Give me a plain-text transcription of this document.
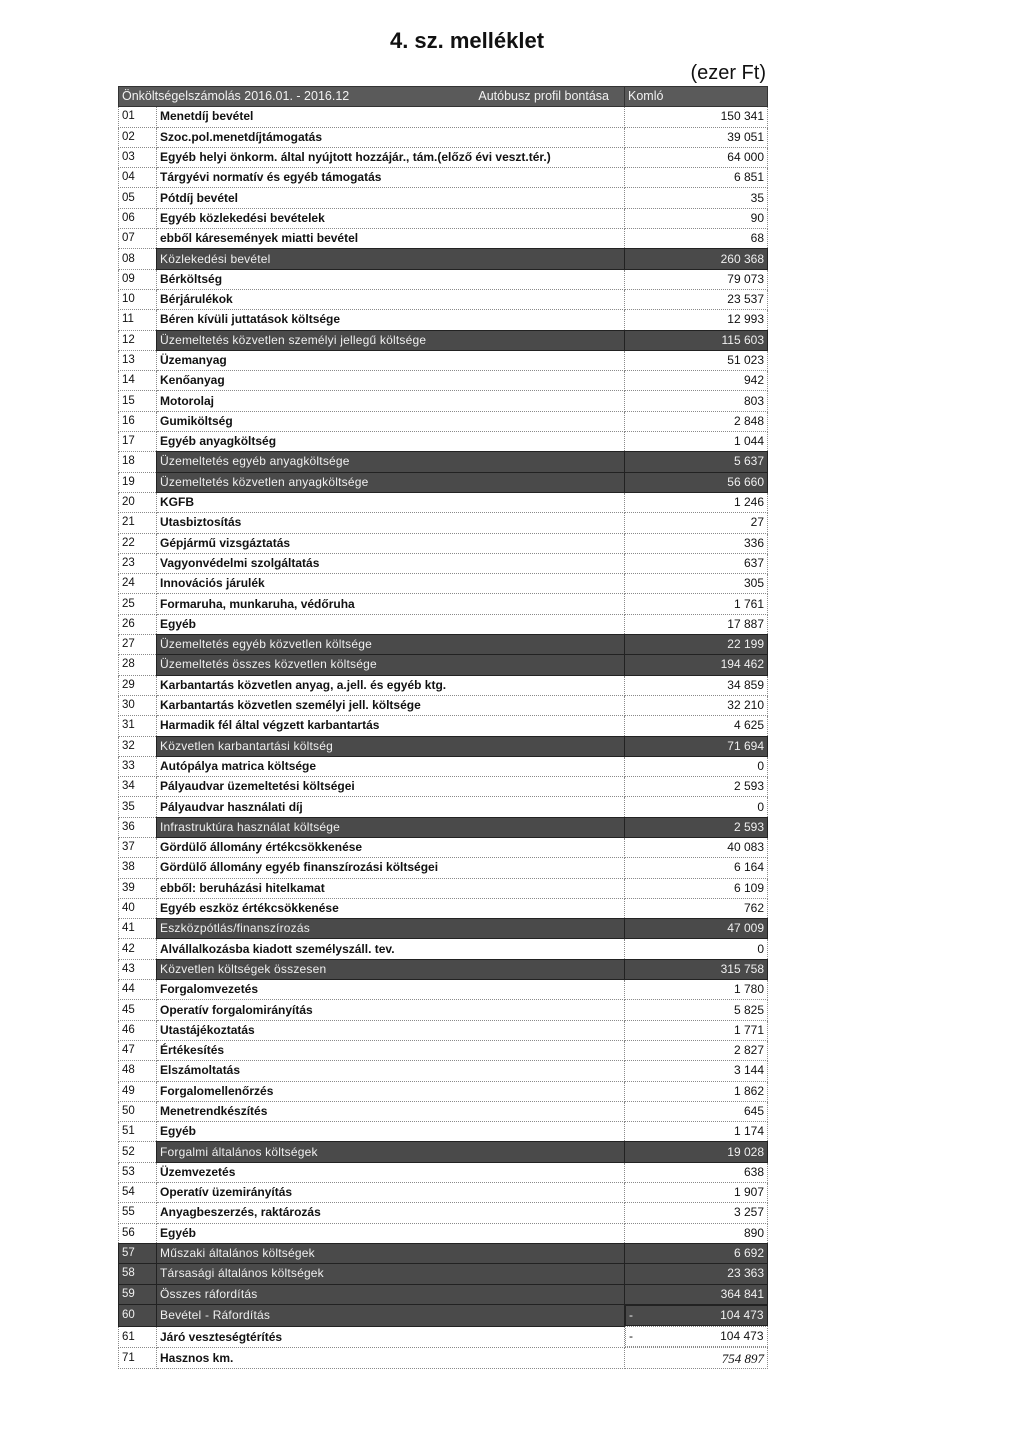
4. sz. melléklet
(ezer Ft)
Önköltségelszámolás 2016.01. - 2016.12 Autóbusz profil bontása		Komló
01	Menetdíj bevétel	150 341
02	Szoc.pol.menetdíjtámogatás	39 051
03	Egyéb helyi önkorm. által nyújtott hozzájár., tám.(előző évi veszt.tér.)	64 000
04	Tárgyévi normatív és egyéb támogatás	6 851
05	Pótdíj bevétel	35
06	Egyéb közlekedési bevételek	90
07	ebből káresemények miatti bevétel	68
08	Közlekedési bevétel	260 368
09	Bérköltség	79 073
10	Bérjárulékok	23 537
11	Béren kívüli juttatások költsége	12 993
12	Üzemeltetés közvetlen személyi jellegű költsége	115 603
13	Üzemanyag	51 023
14	Kenőanyag	942
15	Motorolaj	803
16	Gumiköltség	2 848
17	Egyéb anyagköltség	1 044
18	Üzemeltetés egyéb anyagköltsége	5 637
19	Üzemeltetés közvetlen anyagköltsége	56 660
20	KGFB	1 246
21	Utasbiztosítás	27
22	Gépjármű vizsgáztatás	336
23	Vagyonvédelmi szolgáltatás	637
24	Innovációs járulék	305
25	Formaruha, munkaruha, védőruha	1 761
26	Egyéb	17 887
27	Üzemeltetés egyéb közvetlen költsége	22 199
28	Üzemeltetés összes közvetlen költsége	194 462
29	Karbantartás közvetlen anyag, a.jell. és egyéb ktg.	34 859
30	Karbantartás közvetlen személyi jell. költsége	32 210
31	Harmadik fél által végzett karbantartás	4 625
32	Közvetlen karbantartási költség	71 694
33	Autópálya matrica költsége	0
34	Pályaudvar üzemeltetési költségei	2 593
35	Pályaudvar használati díj	0
36	Infrastruktúra használat költsége	2 593
37	Gördülő állomány értékcsökkenése	40 083
38	Gördülő állomány egyéb finanszírozási költségei	6 164
39	ebből: beruházási hitelkamat	6 109
40	Egyéb eszköz értékcsökkenése	762
41	Eszközpótlás/finanszírozás	47 009
42	Alvállalkozásba kiadott személyszáll. tev.	0
43	Közvetlen költségek összesen	315 758
44	Forgalomvezetés	1 780
45	Operatív forgalomirányítás	5 825
46	Utastájékoztatás	1 771
47	Értékesítés	2 827
48	Elszámoltatás	3 144
49	Forgalomellenőrzés	1 862
50	Menetrendkészítés	645
51	Egyéb	1 174
52	Forgalmi általános költségek	19 028
53	Üzemvezetés	638
54	Operatív üzemirányítás	1 907
55	Anyagbeszerzés, raktározás	3 257
56	Egyéb	890
57	Műszaki általános költségek	6 692
58	Társasági általános költségek	23 363
59	Összes ráfordítás	364 841
60	Bevétel - Ráfordítás		-	104 473

61	Járó veszteségtérítés		-	104 473

71	Hasznos km.	754 897
